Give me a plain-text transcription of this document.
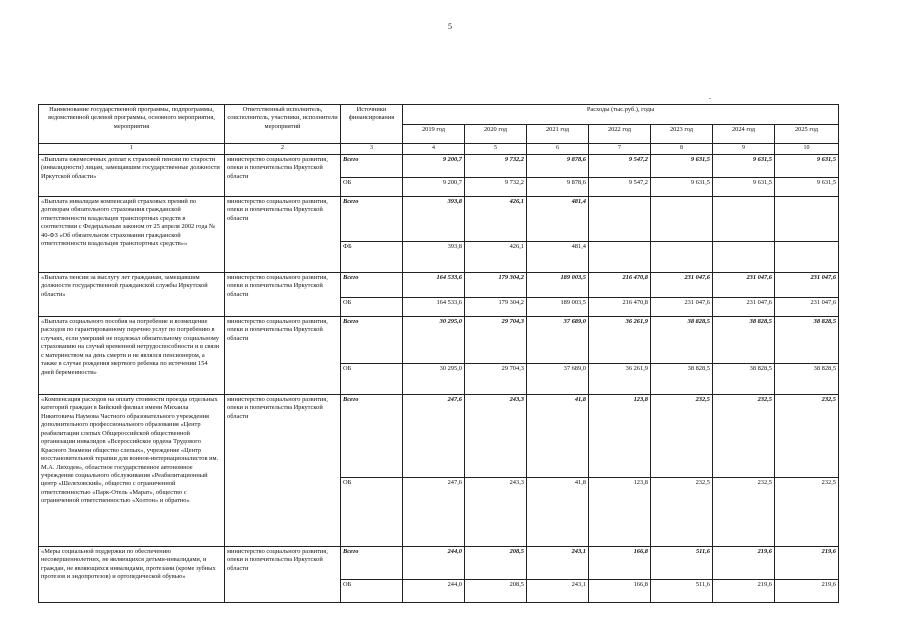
5
.
Наименование государственной программы, подпрограммы, ведомственной целевой программы, основного мероприятия, мероприятия	Ответственный исполнитель, соисполнитель, участники, исполнители мероприятий	Источники финансирования	Расходы (тыс.руб.), годы						
			2019 год	2020 год	2021 год	2022 год	2023 год	2024 год	2025 год
1	2	3	4	5	6	7	8	9	10
«Выплата ежемесячных доплат к страховой пенсии по старости (инвалидности) лицам, замещавшим государственные должности Иркутской области»	министерство социального развития, опеки и попечительства Иркутской области	Всего	9 200,7	9 732,2	9 878,6	9 547,2	9 631,5	9 631,5	9 631,5
		ОБ	9 200,7	9 732,2	9 878,6	9 547,2	9 631,5	9 631,5	9 631,5
«Выплата инвалидам компенсаций страховых премий по договорам обязательного страхования гражданской ответственности владельцев транспортных средств в соответствии с Федеральным законом от 25 апреля 2002 года № 40-ФЗ «Об обязательном страховании гражданской ответственности владельцев транспортных средств»»	министерство социального развития, опеки и попечительства Иркутской области	Всего	393,8	426,1	481,4				
		ФБ	393,8	426,1	481,4				
«Выплата пенсии за выслугу лет гражданам, замещавшим должности государственной гражданской службы Иркутской области»	министерство социального развития, опеки и попечительства Иркутской области	Всего	164 533,6	179 304,2	189 003,5	216 470,8	231 047,6	231 047,6	231 047,6
		ОБ	164 533,6	179 304,2	189 003,5	216 470,8	231 047,6	231 047,6	231 047,6
«Выплата социального пособия на погребение и возмещение расходов по гарантированному перечню услуг по погребению в случаях, если умерший не подлежал обязательному социальному страхованию на случай временной нетрудоспособности и в связи с материнством на день смерти и не являлся пенсионером, а также в случае рождения мертвого ребенка по истечении 154 дней беременности»	министерство социального развития, опеки и попечительства Иркутской области	Всего	30 295,0	29 704,3	37 689,0	36 261,9	38 828,5	38 828,5	38 828,5
		ОБ	30 295,0	29 704,3	37 689,0	36 261,9	38 828,5	38 828,5	38 828,5
«Компенсация расходов на оплату стоимости проезда отдельных категорий граждан в Бийский филиал имени Михаила Никитовича Наумова Частного образовательного учреждения дополнительного профессионального образования «Центр реабилитации слепых Общероссийской общественной организации инвалидов «Всероссийское ордена Трудового Красного Знамени общество слепых», учреждение «Центр восстановительной терапии для воинов-интернационалистов им. М.А. Лиходея», областное государственное автономное учреждение социального обслуживания «Реабилитационный центр «Шелеховский», общество с ограниченной ответственностью «Парк-Отель «Марат», общество с ограниченной ответственностью «Холтон» и обратно»	министерство социального развития, опеки и попечительства Иркутской области	Всего	247,6	243,3	41,8	123,8	232,5	232,5	232,5
		ОБ	247,6	243,3	41,8	123,8	232,5	232,5	232,5
«Меры социальной поддержки по обеспечению несовершеннолетних, не являющихся детьми-инвалидами, и граждан, не являющихся инвалидами, протезами (кроме зубных протезов и эндопротезов) и ортопедической обувью»	министерство социального развития, опеки и попечительства Иркутской области	Всего	244,0	208,5	243,1	166,8	511,6	219,6	219,6
		ОБ	244,0	208,5	243,1	166,8	511,6	219,6	219,6
